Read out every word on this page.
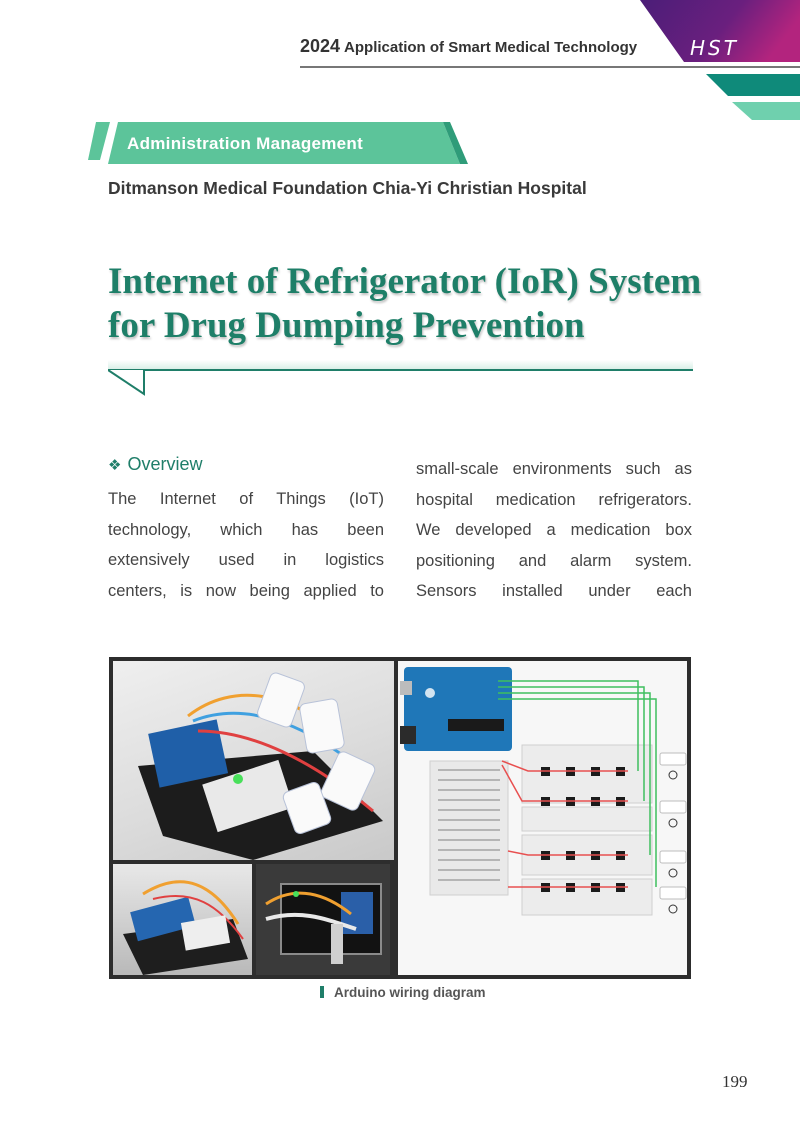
2024 Application of Smart Medical Technology	HST
Administration Management
Ditmanson Medical Foundation Chia-Yi Christian Hospital
Internet of Refrigerator (IoR) System
for Drug Dumping Prevention
❖ Overview

The Internet of Things (IoT)
technology, which has been
extensively used in logistics
centers, is now being applied to

small-scale environments such as
hospital medication refrigerators.
We developed a medication box
positioning and alarm system.
Sensors installed under each

Arduino wiring diagram
199
